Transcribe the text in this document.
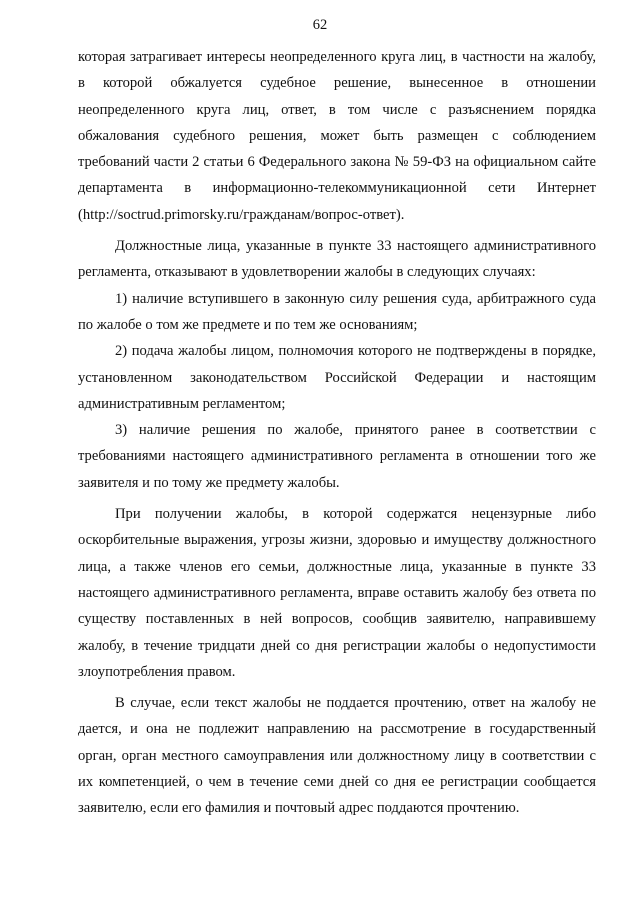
62

которая затрагивает интересы неопределенного круга лиц, в частности на жалобу, в которой обжалуется судебное решение, вынесенное в отношении неопределенного круга лиц, ответ, в том числе с разъяснением порядка обжалования судебного решения, может быть размещен с соблюдением требований части 2 статьи 6 Федерального закона № 59-ФЗ на официальном сайте департамента в информационно-телекоммуникационной сети Интернет (http://soctrud.primorsky.ru/гражданам/вопрос-ответ).

Должностные лица, указанные в пункте 33 настоящего административного регламента, отказывают в удовлетворении жалобы в следующих случаях:

1) наличие вступившего в законную силу решения суда, арбитражного суда по жалобе о том же предмете и по тем же основаниям;

2) подача жалобы лицом, полномочия которого не подтверждены в порядке, установленном законодательством Российской Федерации и настоящим административным регламентом;

3) наличие решения по жалобе, принятого ранее в соответствии с требованиями настоящего административного регламента в отношении того же заявителя и по тому же предмету жалобы.

При получении жалобы, в которой содержатся нецензурные либо оскорбительные выражения, угрозы жизни, здоровью и имуществу должностного лица, а также членов его семьи, должностные лица, указанные в пункте 33 настоящего административного регламента, вправе оставить жалобу без ответа по существу поставленных в ней вопросов, сообщив заявителю, направившему жалобу, в течение тридцати дней со дня регистрации жалобы о недопустимости злоупотребления правом.

В случае, если текст жалобы не поддается прочтению, ответ на жалобу не дается, и она не подлежит направлению на рассмотрение в государственный орган, орган местного самоуправления или должностному лицу в соответствии с их компетенцией, о чем в течение семи дней со дня ее регистрации сообщается заявителю, если его фамилия и почтовый адрес поддаются прочтению.
